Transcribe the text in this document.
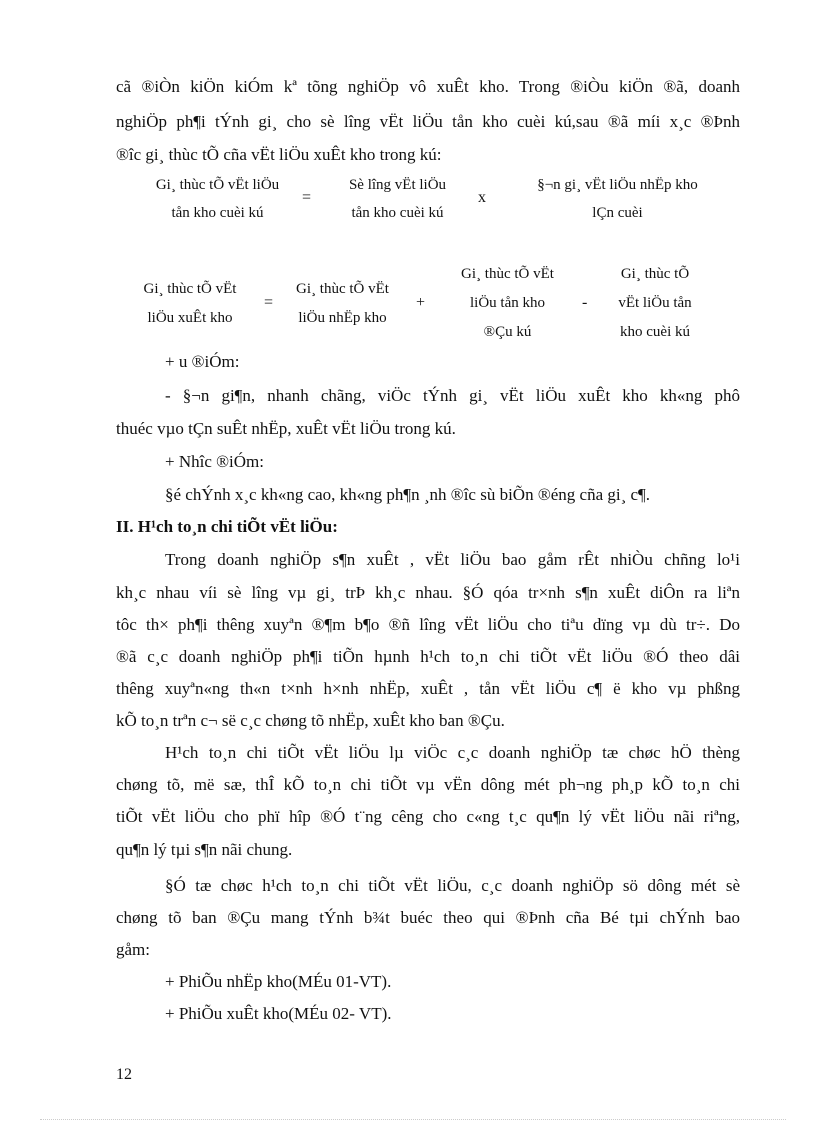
cã ®iÒn kiÖn kiÓm kª tõng nghiÖp vô xuÊt kho. Trong ®iÒu kiÖn ®ã, doanh
nghiÖp ph¶i tÝnh gi¸ cho sè lîng vËt liÖu tån kho cuèi kú,sau ®ã míi x¸c ®Þnh
®îc gi¸ thùc tÕ cña vËt liÖu xuÊt kho trong kú:
Gi¸ thùc tÕ vËt liÖu
tån kho cuèi kú
=
Sè lîng vËt liÖu
tån kho cuèi kú
x
§¬n gi¸ vËt liÖu nhËp kho
lÇn cuèi
Gi¸ thùc tÕ vËt
liÖu xuÊt kho
=
Gi¸ thùc tÕ vËt
liÖu nhËp kho
+
Gi¸ thùc tÕ vËt
liÖu tån kho
®Çu kú
-
Gi¸ thùc tÕ
vËt liÖu tån
kho cuèi kú
+ u ®iÓm:
- §¬n gi¶n, nhanh chãng, viÖc tÝnh gi¸ vËt liÖu xuÊt kho kh«ng phô
thuéc vµo tÇn suÊt nhËp, xuÊt vËt liÖu trong kú.
+ Nhîc ®iÓm:
§é chÝnh x¸c kh«ng cao, kh«ng ph¶n ¸nh ®îc sù biÕn ®éng cña gi¸ c¶.
II. H¹ch to¸n chi tiÕt vËt liÖu:
Trong doanh nghiÖp s¶n xuÊt , vËt liÖu bao gåm rÊt nhiÒu chñng lo¹i
kh¸c nhau víi sè lîng vµ gi¸ trÞ kh¸c nhau. §Ó qóa tr×nh s¶n xuÊt diÔn ra liªn
tôc th× ph¶i thêng xuyªn ®¶m b¶o ®ñ lîng vËt liÖu cho tiªu dïng vµ dù tr÷. Do
®ã c¸c doanh nghiÖp ph¶i tiÕn hµnh h¹ch to¸n chi tiÕt vËt liÖu ®Ó theo dâi
thêng xuyªn«ng th«n t×nh h×nh nhËp, xuÊt , tån vËt liÖu c¶ ë kho vµ phßng
kÕ to¸n trªn c¬ së c¸c chøng tõ nhËp, xuÊt kho ban ®Çu.
H¹ch to¸n chi tiÕt vËt liÖu lµ viÖc c¸c doanh nghiÖp tæ chøc hÖ thèng
chøng tõ, më sæ, thÎ kÕ to¸n chi tiÕt vµ vËn dông mét ph¬ng ph¸p kÕ to¸n chi
tiÕt vËt liÖu cho phï hîp ®Ó t¨ng cêng cho c«ng t¸c qu¶n lý vËt liÖu nãi riªng,
qu¶n lý tµi s¶n nãi chung.
§Ó tæ chøc h¹ch to¸n chi tiÕt vËt liÖu, c¸c doanh nghiÖp sö dông mét sè
chøng tõ ban ®Çu mang tÝnh b¾t buéc theo qui ®Þnh cña Bé tµi chÝnh bao
gåm:
+ PhiÕu nhËp kho(MÉu 01-VT).
+ PhiÕu xuÊt kho(MÉu 02- VT).
12
